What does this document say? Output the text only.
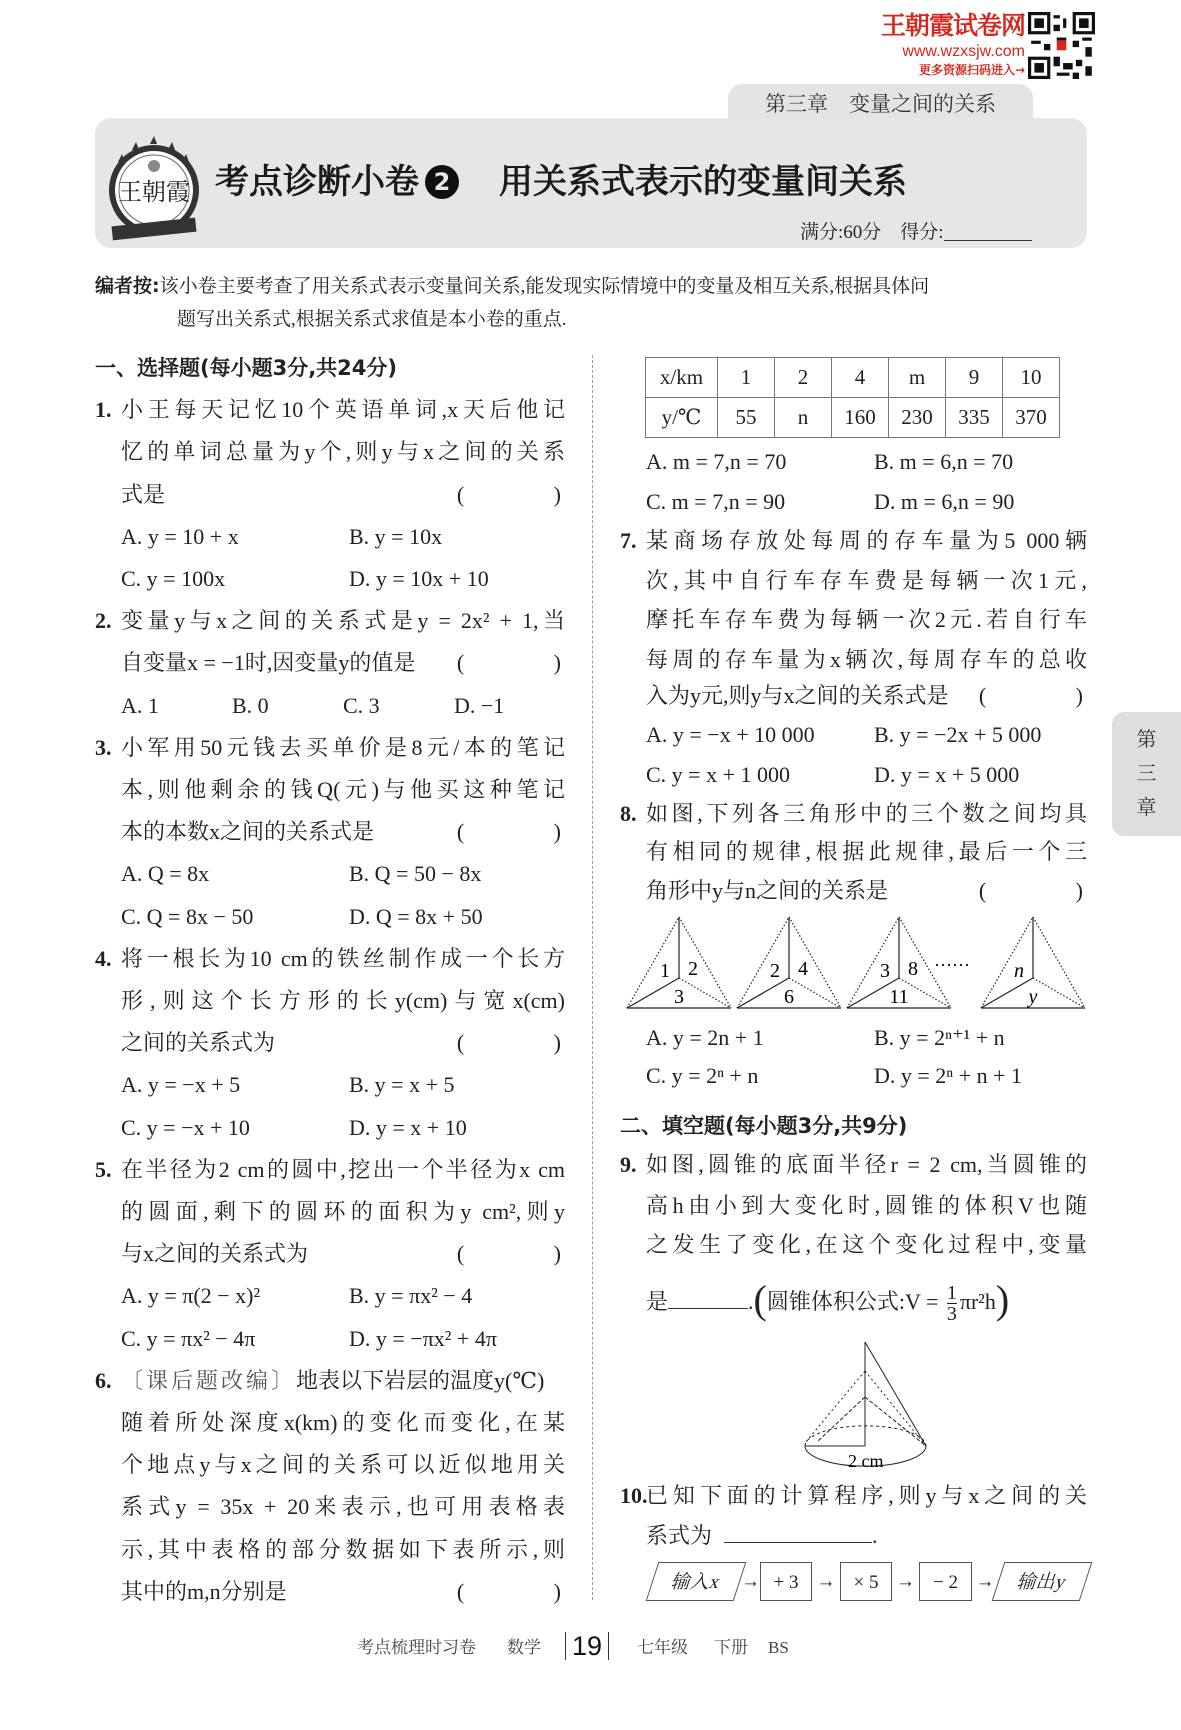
王朝霞试卷网
www.wzxsjw.com
更多资源扫码进入→
第三章　变量之间的关系
王朝霞 考点诊断小卷 2 用关系式表示的变量间关系
满分:60分 得分:
编者按:该小卷主要考查了用关系式表示变量间关系,能发现实际情境中的变量及相互关系,根据具体问
题写出关系式,根据关系式求值是本小卷的重点.
一、选择题(每小题3分,共24分)
1. 小王每天记忆10个英语单词,x天后他记
忆的单词总量为y个,则y与x之间的关系
式是	( )
A. y = 10 + x	B. y = 10x
C. y = 100x	D. y = 10x + 10
2. 变量y与x之间的关系式是y = 2x² + 1,当
自变量x = −1时,因变量y的值是 ( )
A. 1	B. 0	C. 3	D. −1
3. 小军用50元钱去买单价是8元/本的笔记
本,则他剩余的钱Q(元)与他买这种笔记
本的本数x之间的关系式是	( )
A. Q = 8x	B. Q = 50 − 8x
C. Q = 8x − 50	D. Q = 8x + 50
4. 将一根长为10 cm的铁丝制作成一个长方
形,则这个长方形的长y(cm)与宽x(cm)
之间的关系式为	( )
A. y = −x + 5	B. y = x + 5
C. y = −x + 10	D. y = x + 10
5. 在半径为2 cm的圆中,挖出一个半径为x cm
的圆面,剩下的圆环的面积为y cm²,则y
与x之间的关系式为	( )
A. y = π(2 − x)²	B. y = πx² − 4
C. y = πx² − 4π	D. y = −πx² + 4π
6. 〔课后题改编〕地表以下岩层的温度y(℃)
随着所处深度x(km)的变化而变化,在某
个地点y与x之间的关系可以近似地用关
系式y = 35x + 20来表示,也可用表格表
示,其中表格的部分数据如下表所示,则
其中的m,n分别是	( )
x/km	1	2	4	m	9	10
y/℃	55	n	160	230	335	370
A. m = 7,n = 70	B. m = 6,n = 70
C. m = 7,n = 90	D. m = 6,n = 90
7. 某商场存放处每周的存车量为5 000辆
次,其中自行车存车费是每辆一次1元,
摩托车存车费为每辆一次2元.若自行车
每周的存车量为x辆次,每周存车的总收
入为y元,则y与x之间的关系式是 ( )
A. y = −x + 10 000	B. y = −2x + 5 000
C. y = x + 1 000	D. y = x + 5 000
8. 如图,下列各三角形中的三个数之间均具
有相同的规律,根据此规律,最后一个三
角形中y与n之间的关系是	( )
A. y = 2n + 1	B. y = 2ⁿ⁺¹ + n
C. y = 2ⁿ + n	D. y = 2ⁿ + n + 1
二、填空题(每小题3分,共9分)
9. 如图,圆锥的底面半径r = 2 cm,当圆锥的
高h由小到大变化时,圆锥的体积V也随
之发生了变化,在这个变化过程中,变量
10.
已知下面的计算程序,则y与x之间的关
系式为	.
是	.(圆锥体积公式:V = $\frac{1}{3} \pi r^2h$)
1 2
3
2 4
6
3 8
11
n
y
……
2 cm
输入x → + 3 → × 5 → − 2 →	输出y
第
三
章
考点梳理时习卷 数学 19	七年级 下册 BS
